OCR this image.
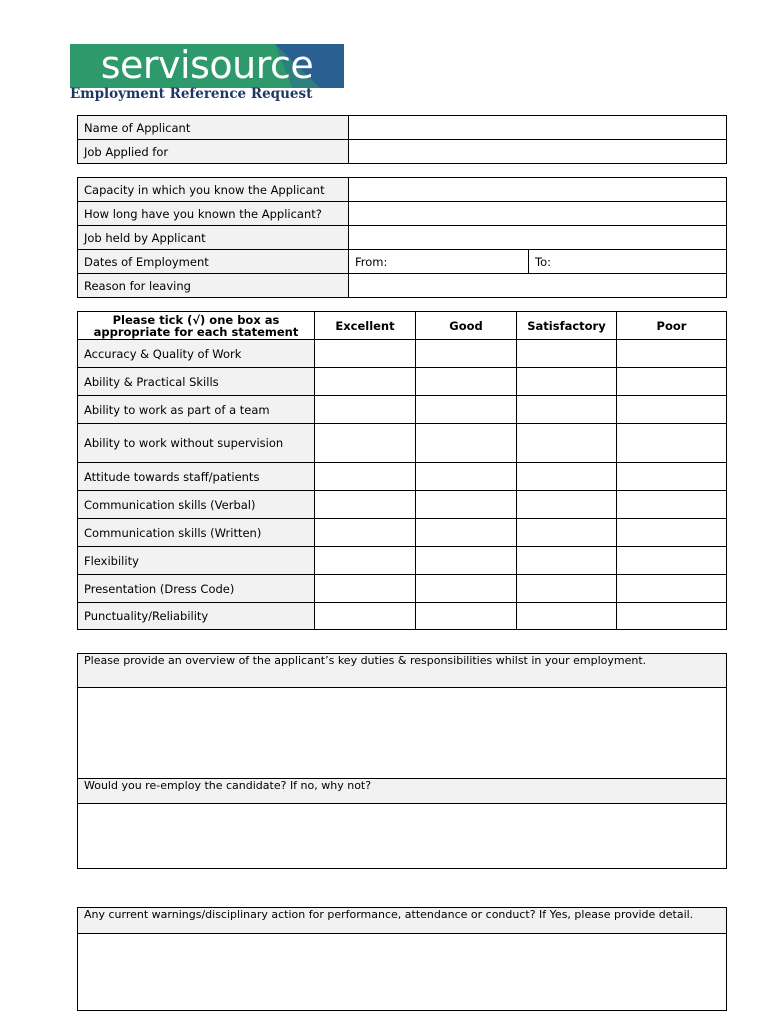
servisource
Employment Reference Request
Name of Applicant	
Job Applied for	
Capacity in which you know the Applicant		
How long have you known the Applicant?		
Job held by Applicant		
Dates of Employment	From:	To:
Reason for leaving		
Please tick (√) one box as appropriate for each statement	Excellent	Good	Satisfactory	Poor
Accuracy & Quality of Work				
Ability & Practical Skills				
Ability to work as part of a team				
Ability to work without supervision				
Attitude towards staff/patients				
Communication skills (Verbal)				
Communication skills (Written)				
Flexibility				
Presentation (Dress Code)				
Punctuality/Reliability				
Please provide an overview of the applicant’s key duties & responsibilities whilst in your employment.

Would you re-employ the candidate? If no, why not?

Any current warnings/disciplinary action for performance, attendance or conduct? If Yes, please provide detail.
